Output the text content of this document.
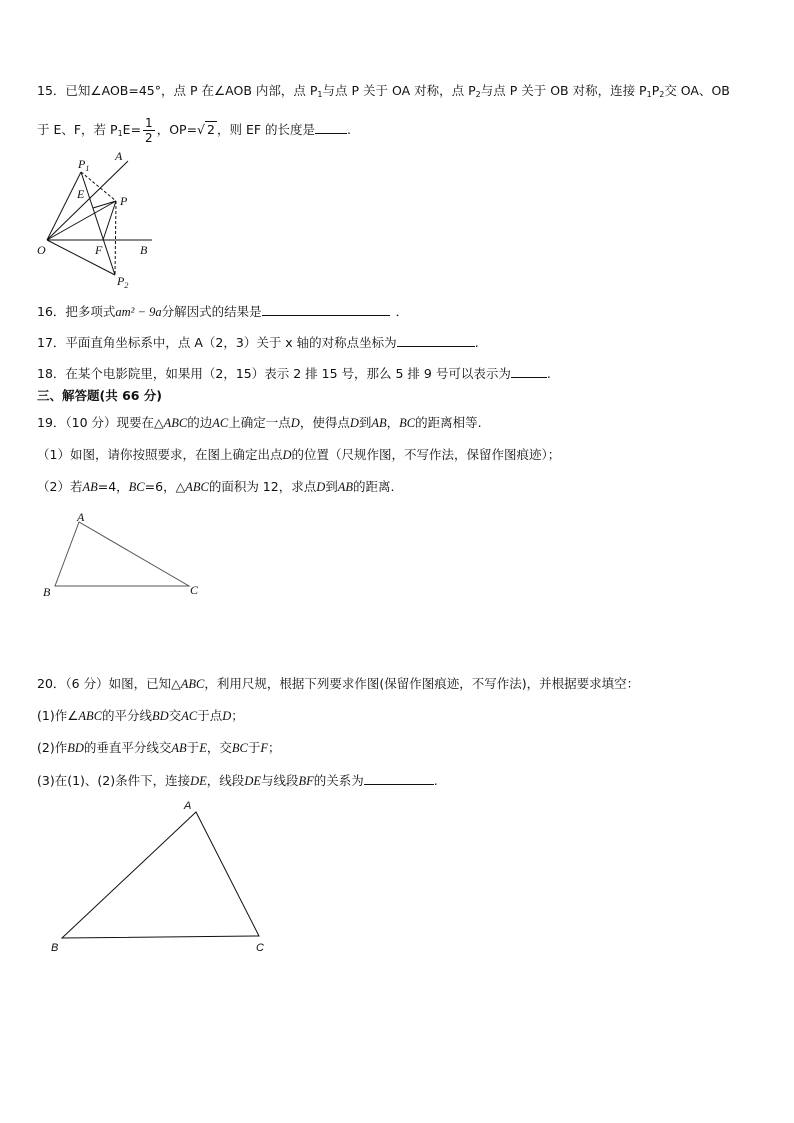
15．已知∠AOB=45°，点 P 在∠AOB 内部，点 $P_1$与点 P 关于 OA 对称，点 $P_2$与点 P 关于 OB 对称，连接 $P_1P_2$交 OA、OB
于 E、F，若 $P_1E= \frac{1}{2}$ ，OP=√ 2 ，则 EF 的长度是	.
$P_1$
A
E	P
O	F	B
$P_2$
16．把多项式am² − 9a分解因式的结果是	．
17．平面直角坐标系中，点 A（2，3）关于 x 轴的对称点坐标为	.
18．在某个电影院里，如果用（2，15）表示 2 排 15 号，那么 5 排 9 号可以表示为	.
三、解答题(共 66 分)
19．（10 分）现要在△ABC的边AC上确定一点D，使得点D到AB，BC的距离相等.
（1）如图，请你按照要求，在图上确定出点D的位置（尺规作图，不写作法，保留作图痕迹）；
（2）若AB=4，BC=6，△ABC的面积为 12，求点D到AB的距离.
A
B	C
20．（6 分）如图，已知△ABC，利用尺规，根据下列要求作图(保留作图痕迹，不写作法)，并根据要求填空：
(1)作∠ABC的平分线BD交AC于点D；
(2)作BD的垂直平分线交AB于E，交BC于F；
(3)在(1)、(2)条件下，连接DE，线段DE与线段BF的关系为	.
A
B	C
